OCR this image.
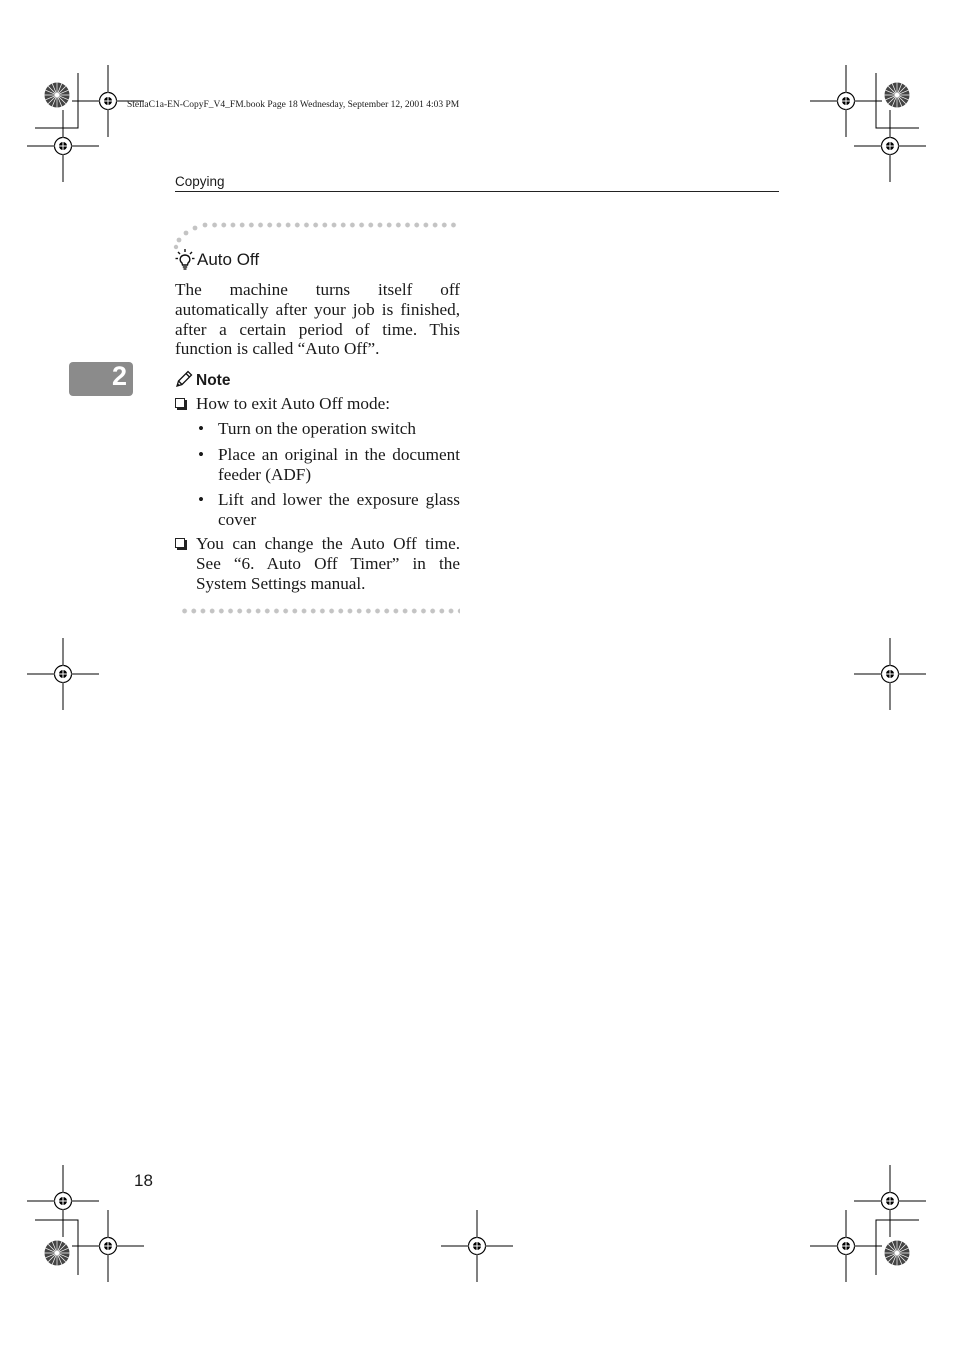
StellaC1a-EN-CopyF_V4_FM.book Page 18 Wednesday, September 12, 2001 4:03 PM
Copying
2
Auto Off
The machine turns itself off automatically after your job is finished, after a certain period of time. This function is called “Auto Off”.
Note
How to exit Auto Off mode:
• Turn on the operation switch
• Place an original in the document feeder (ADF)
• Lift and lower the exposure glass cover
You can change the Auto Off time. See “6. Auto Off Timer” in the System Settings manual.
18
